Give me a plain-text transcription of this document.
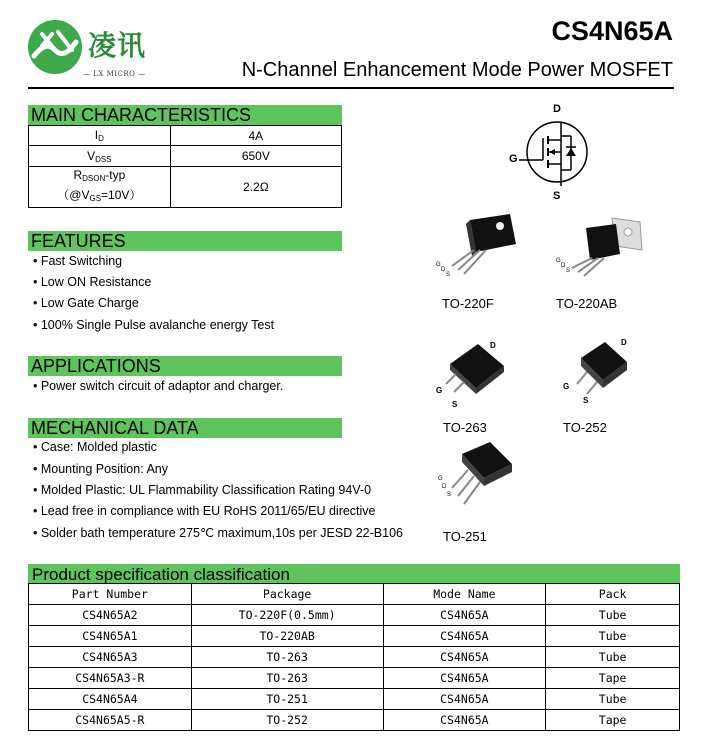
凌讯
— LX MICRO —
CS4N65A
N-Channel Enhancement Mode Power MOSFET
MAIN CHARACTERISTICS
$I_D$	4A
$V_{DSS}$	650V

$R_{DSON}$-typ
$(@V_{GS}=10V)$	2.2Ω
FEATURES
• Fast Switching
• Low ON Resistance
• Low Gate Charge
• 100% Single Pulse avalanche energy Test
APPLICATIONS
• Power switch circuit of adaptor and charger.
MECHANICAL DATA
• Case: Molded plastic
• Mounting Position: Any
• Molded Plastic: UL Flammability Classification Rating 94V-0
• Lead free in compliance with EU RoHS 2011/65/EU directive
• Solder bath temperature 275℃ maximum,10s per JESD 22-B106
D
G
S
G
D
S
TO-220F
G
D
S
TO-220AB
D
G
S
TO-263
D
G
S
TO-252
G
D
S
TO-251
Product specification classification
Part Number	Package	Mode Name	Pack
CS4N65A2	TO-220F(0.5mm)	CS4N65A	Tube
CS4N65A1	TO-220AB	CS4N65A	Tube
CS4N65A3	TO-263	CS4N65A	Tube
CS4N65A3-R	TO-263	CS4N65A	Tape
CS4N65A4	TO-251	CS4N65A	Tube
CS4N65A5-R	TO-252	CS4N65A	Tape
